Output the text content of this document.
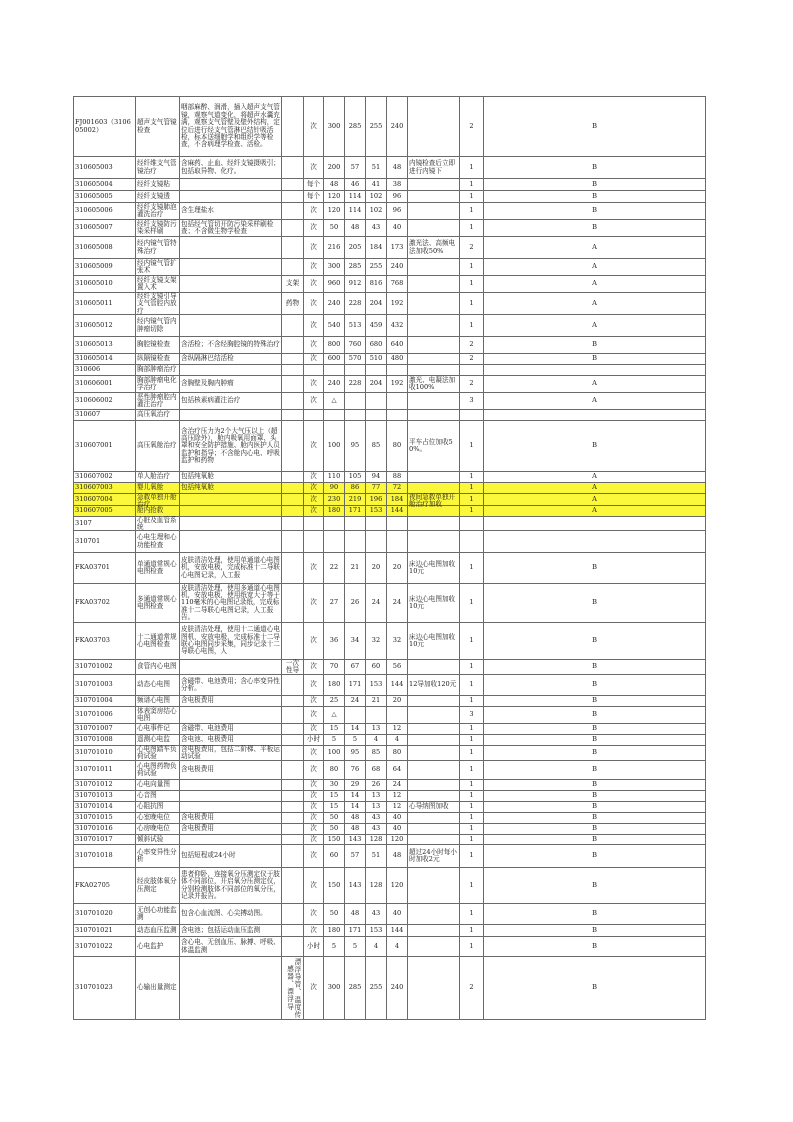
FJ001603（310605002）	超声支气管镜检查	咽部麻醉、润滑，插入超声支气管镜，观察气道变化，将超声水囊充满，观察支气管壁及壁外结构，定位后进行经支气管淋巴结针吸活检，标本送细胞学和组织学等检查，不含病理学检查、活检。		次	300	285	255	240		2	B

310605003	经纤维支气管镜治疗	含麻药、止血、经纤支镜摄吸引；包括取异物、化疗。		次	200	57	51	48	内镜检查后立即进行内镜下	1	B

310605004	经纤支镜粘			每个	48	46	41	38		1	B

310605005	经纤支镜透			每个	120	114	102	96		1	B

310605006	经纤支镜肺泡灌洗治疗	含生理盐水		次	120	114	102	96		1	B

310605007	经纤支镜防污染采样刷	包括经气管切开防污染采样刷检查；不含微生物学检查		次	50	48	43	40		1	B

310605008	经内镜气管特殊治疗			次	216	205	184	173	激光法、高频电法加收50%	2	A

310605009	经内镜气管扩张术			次	300	285	255	240		1	A

310605010	经纤支镜支架置入术		支架	次	960	912	816	768		1	A

310605011	经纤支镜引导支气管腔内放疗		药物	次	240	228	204	192		1	A

310605012	经内镜气管内肿瘤切除			次	540	513	459	432		1	A

310605013	胸腔镜检查	含活检；不含经胸腔镜的特殊治疗		次	800	760	680	640		2	B

310605014	纵隔镜检查	含纵隔淋巴结活检		次	600	570	510	480		2	B

310606	胸部肿瘤治疗										

310606001	胸部肿瘤电化学治疗	含胸壁及胸内肿瘤		次	240	228	204	192	激光、电凝法加收100%	2	A

310606002	恶性肿瘤腔内灌注治疗	包括核素病灌注治疗		次	△					3	A

310607	高压氧治疗										

310607001	高压氧舱治疗	含治疗压力为2个大气压以上（超高压除外），舱内吸氧用面罩、头罩和安全防护措施、舱内医护人员监护和指导；不含舱内心电、呼吸监护和药物		次	100	95	85	80	平车占位加收50%。	1	B

310607002	单人舱治疗	包括纯氧舱		次	110	105	94	88		1	A

310607003	婴儿氧舱	包括纯氧舱		次	90	86	77	72		1	A

310607004	急救单独开舱治疗			次	230	219	196	184	夜间急救单独开舱治疗加收	1	A

310607005	舱内抢救			次	180	171	153	144		1	A

3107	心脏及血管系统										

310701	心电生理和心功能检查										

FKA03701	单通道常规心电图检查	皮肤清洁处理，使用单通道心电图机，安放电极，完成标准十二导联心电图记录，人工报		次	22	21	20	20	床边心电图加收10元	1	B

FKA03702	多通道常规心电图检查	皮肤清洁处理，使用多通道心电图机，安放电极，使用纸宽大于等于110毫米的心电图记录纸，完成标准十二导联心电图记录，人工报告。		次	27	26	24	24	床边心电图加收10元	1	B

FKA03703	十二通道常规心电图检查	皮肤清洁处理，使用十二通道心电图机，安放电极，完成标准十二导联心电图同步采集，同步记录十二导联心电图，人		次	36	34	32	32	床边心电图加收10元	1	B

310701002	食管内心电图		一次性导	次	70	67	60	56		1	B

310701003	动态心电图	含磁带、电池费用；含心率变异性分析。		次	180	171	153	144	12导加收120元	1	B

310701004	频谱心电图	含电极费用		次	25	24	21	20		1	B

310701006	体表窦房结心电图			次	△					3	B

310701007	心电事件记	含磁带、电池费用		次	15	14	13	12		1	B

310701008	遥测心电监	含电池、电极费用		小时	5	5	4	4		1	B

310701010	心电图踏车负荷试验	含电极费用，包括二阶梯、平板运动试验		次	100	95	85	80		1	B

310701011	心电图药物负荷试验	含电极费用		次	80	76	68	64		1	B

310701012	心电向量图			次	30	29	26	24		1	B

310701013	心音图			次	15	14	13	12		1	B

310701014	心阻抗图			次	15	14	13	12	心导纳图加收	1	B

310701015	心室晚电位	含电极费用		次	50	48	43	40		1	B

310701016	心房晚电位	含电极费用		次	50	48	43	40		1	B

310701017	倾斜试验			次	150	143	128	120		1	B

310701018	心率变异性分析	包括短程或24小时		次	60	57	51	48	超过24小时每小时加收2元	1	B

FKA02705	经皮肢体氧分压测定	患者仰卧，连接氧分压测定仪于肢体不同部位，开启氧分压测定仪，分别检测肢体不同部位的氧分压，记录并报告。		次	150	143	128	120		1	B

310701020	无创心功能监测	包含心血流图、心尖搏动图。		次	50	48	43	40		1	B

310701021	动态血压监测	含电池；包括运动血压监测		次	180	171	153	144		1	B

310701022	心电监护	含心电、无创血压、脉搏、呼吸、体温监测		小时	5	5	4	4		1	B

310701023	心输出量测定		漂浮导管、温度传感器、漂浮导	次	300	285	255	240		2	B
